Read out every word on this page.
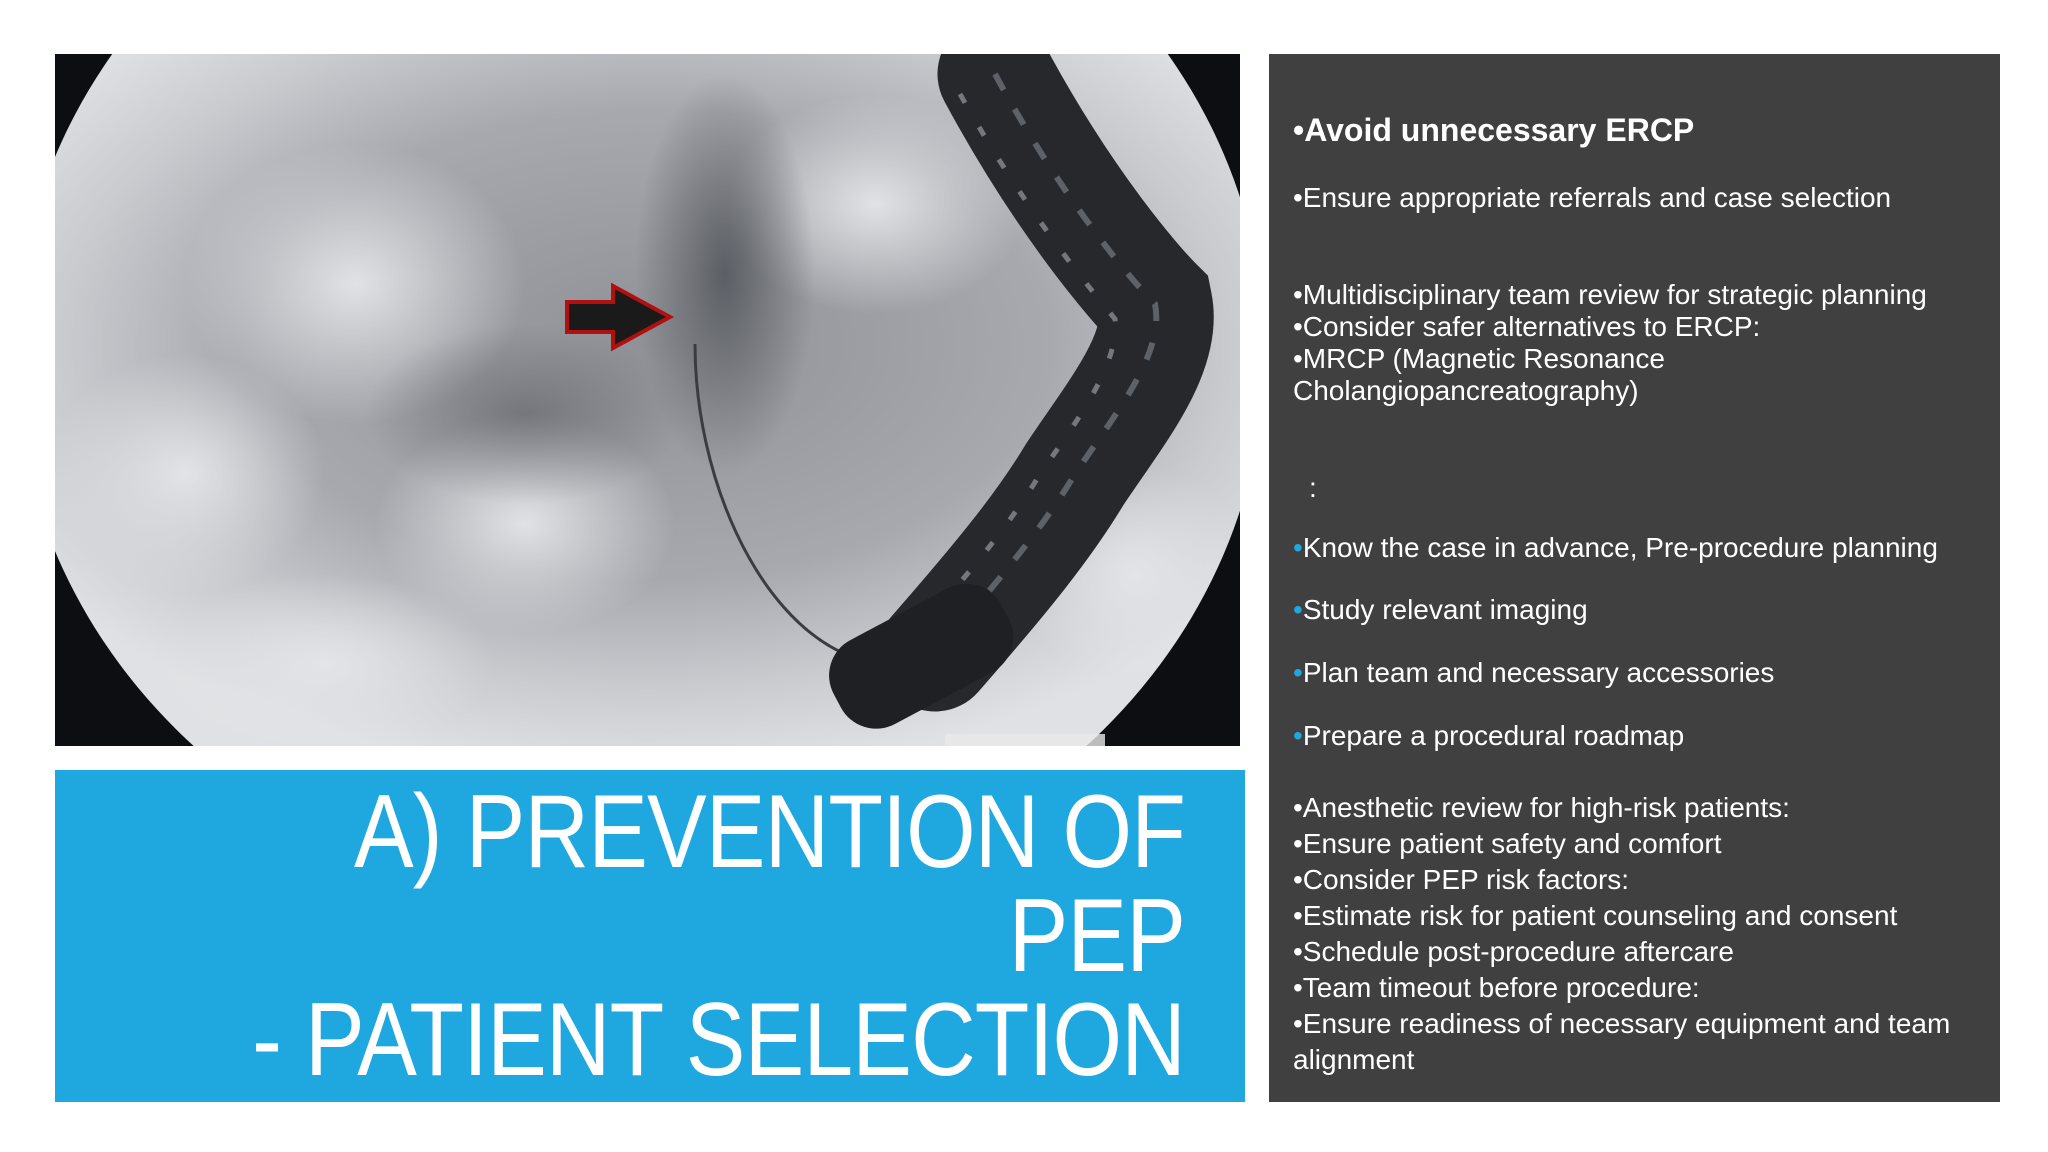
A) PREVENTION OF PEP
- PATIENT SELECTION
•Avoid unnecessary ERCP
•Ensure appropriate referrals and case selection
•Multidisciplinary team review for strategic planning
•Consider safer alternatives to ERCP:
•MRCP (Magnetic Resonance Cholangiopancreatography)
:
•Know the case in advance, Pre-procedure planning
•Study relevant imaging
•Plan team and necessary accessories
•Prepare a procedural roadmap
•Anesthetic review for high-risk patients:
•Ensure patient safety and comfort
•Consider PEP risk factors:
•Estimate risk for patient counseling and consent
•Schedule post-procedure aftercare
•Team timeout before procedure:
•Ensure readiness of necessary equipment and team alignment
